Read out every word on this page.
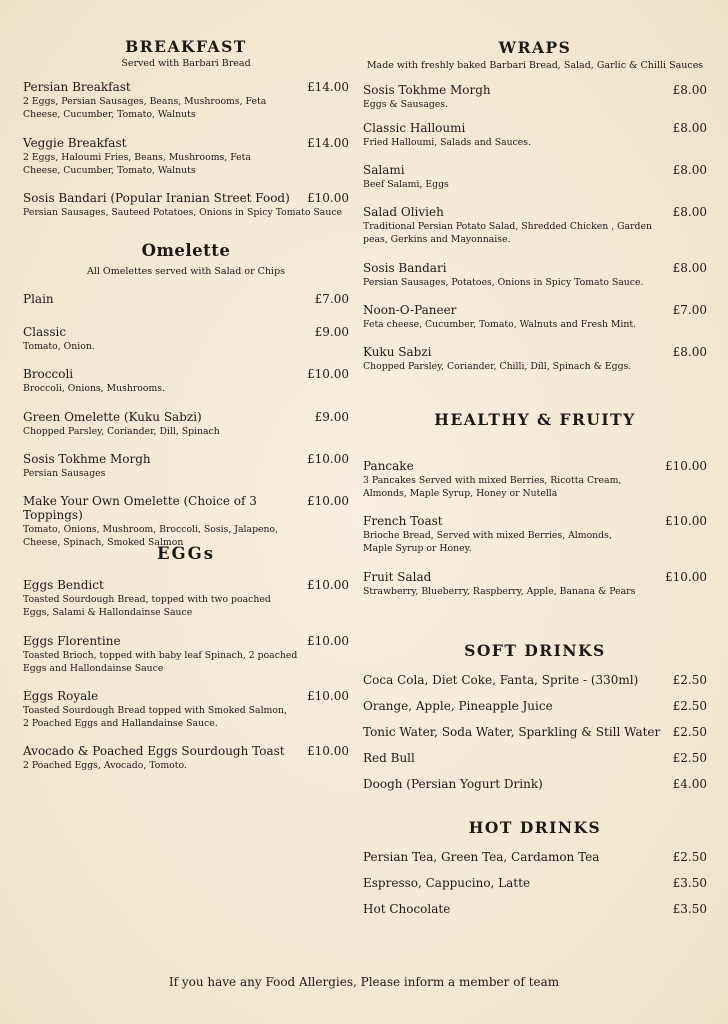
BREAKFAST
Served with Barbari Bread
Persian Breakfast	£14.00
2 Eggs, Persian Sausages, Beans, Mushrooms, Feta Cheese, Cucumber, Tomato, Walnuts
Veggie Breakfast	£14.00
2 Eggs, Haloumi Fries, Beans, Mushrooms, Feta Cheese, Cucumber, Tomato, Walnuts
Sosis Bandari (Popular Iranian Street Food) £10.00
Persian Sausages, Sauteed Potatoes, Onions in Spicy Tomato Sauce
Omelette
All Omelettes served with Salad or Chips
Plain	£7.00
Classic	£9.00
Tomato, Onion.
Broccoli	£10.00
Broccoli, Onions, Mushrooms.
Green Omelette (Kuku Sabzi)	£9.00
Chopped Parsley, Coriander, Dill, Spinach
Sosis Tokhme Morgh	£10.00
Persian Sausages
Make Your Own Omelette (Choice of 3 Toppings)
£10.00
Tomato, Onions, Mushroom, Broccoli, Sosis, Jalapeno, Cheese, Spinach, Smoked Salmon
EGGs
Eggs Bendict	£10.00
Toasted Sourdough Bread, topped with two poached Eggs, Salami & Hallondainse Sauce
Eggs Florentine	£10.00
Toasted Brioch, topped with baby leaf Spinach, 2 poached Eggs and Hallondainse Sauce
Eggs Royale	£10.00
Toasted Sourdough Bread topped with Smoked Salmon, 2 Poached Eggs and Hallandainse Sauce.
Avocado & Poached Eggs Sourdough Toast £10.00
2 Poached Eggs, Avocado, Tomoto.
WRAPS
Made with freshly baked Barbari Bread, Salad, Garlic & Chilli Sauces
Sosis Tokhme Morgh	£8.00
Eggs & Sausages.
Classic Halloumi	£8.00
Fried Halloumi, Salads and Sauces.
Salami	£8.00
Beef Salami, Eggs
Salad Olivieh	£8.00
Traditional Persian Potato Salad, Shredded Chicken , Garden peas, Gerkins and Mayonnaise.
Sosis Bandari	£8.00
Persian Sausages, Potatoes, Onions in Spicy Tomato Sauce.
Noon-O-Paneer	£7.00
Feta cheese, Cucumber, Tomato, Walnuts and Fresh Mint.
Kuku Sabzi	£8.00
Chopped Parsley, Coriander, Chilli, Dill, Spinach & Eggs.
HEALTHY & FRUITY
Pancake	£10.00
3 Pancakes Served with mixed Berries, Ricotta Cream, Almonds, Maple Syrup, Honey or Nutella
French Toast	£10.00
Brioche Bread, Served with mixed Berries, Almonds, Maple Syrup or Honey.
Fruit Salad	£10.00
Strawberry, Blueberry, Raspberry, Apple, Banana & Pears
SOFT DRINKS
Coca Cola, Diet Coke, Fanta, Sprite - (330ml)	£2.50
Orange, Apple, Pineapple Juice	£2.50
Tonic Water, Soda Water, Sparkling & Still Water £2.50
Red Bull	£2.50
Doogh (Persian Yogurt Drink)	£4.00
HOT DRINKS
Persian Tea, Green Tea, Cardamon Tea	£2.50
Espresso, Cappucino, Latte	£3.50
Hot Chocolate	£3.50
If you have any Food Allergies, Please inform a member of team
